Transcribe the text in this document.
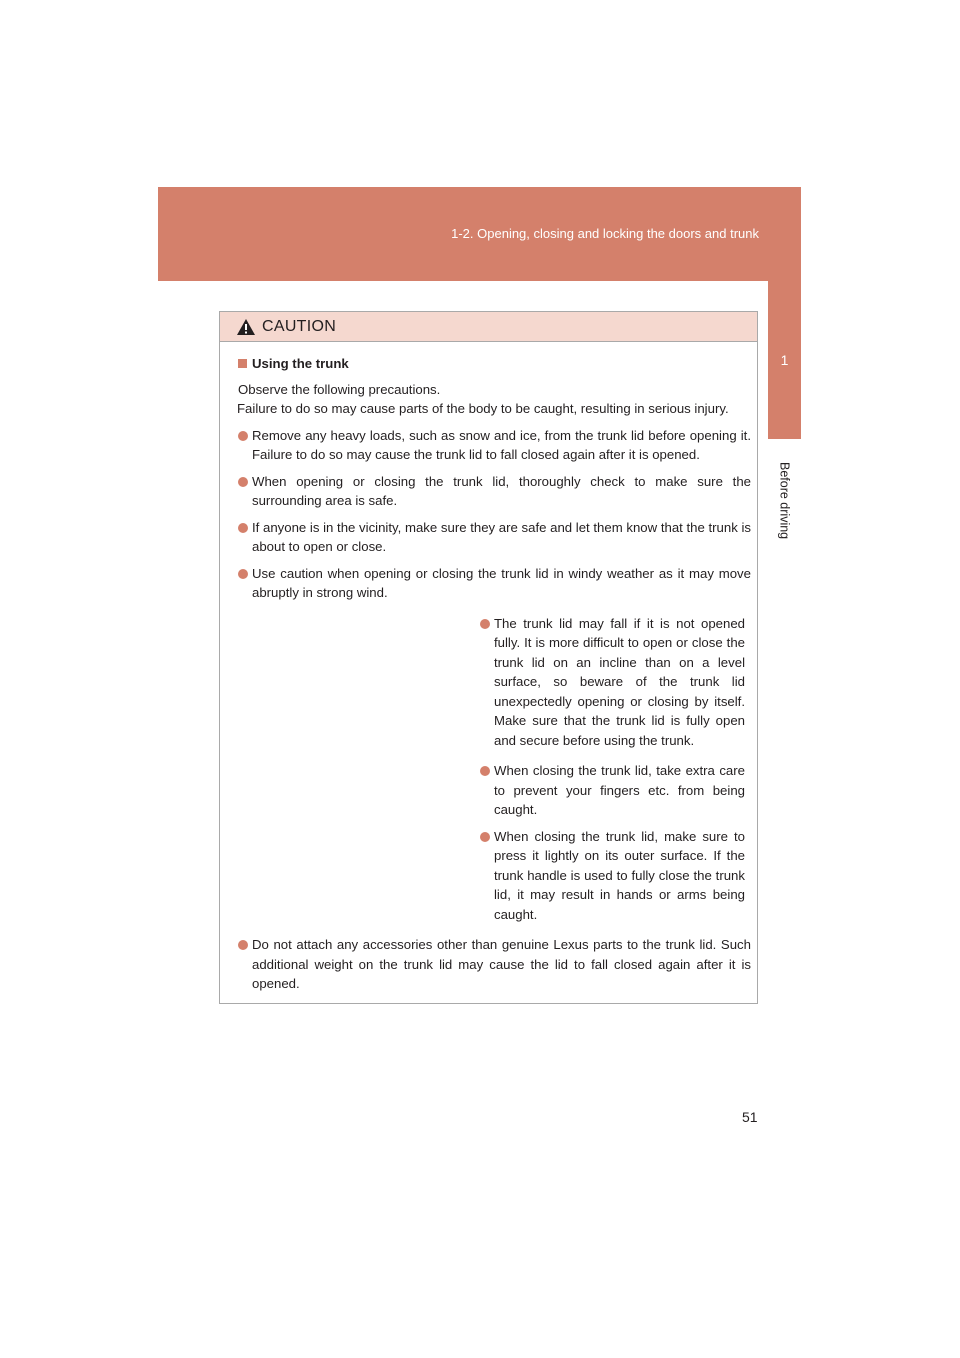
1-2. Opening, closing and locking the doors and trunk
1
Before driving
CAUTION
Using the trunk
Observe the following precautions.
Failure to do so may cause parts of the body to be caught, resulting in serious injury.
Remove any heavy loads, such as snow and ice, from the trunk lid before opening it. Failure to do so may cause the trunk lid to fall closed again after it is opened.
When opening or closing the trunk lid, thoroughly check to make sure the surrounding area is safe.
If anyone is in the vicinity, make sure they are safe and let them know that the trunk is about to open or close.
Use caution when opening or closing the trunk lid in windy weather as it may move abruptly in strong wind.
The trunk lid may fall if it is not opened fully. It is more difficult to open or close the trunk lid on an incline than on a level surface, so beware of the trunk lid unexpectedly opening or closing by itself. Make sure that the trunk lid is fully open and secure before using the trunk.
When closing the trunk lid, take extra care to prevent your fingers etc. from being caught.
When closing the trunk lid, make sure to press it lightly on its outer surface. If the trunk handle is used to fully close the trunk lid, it may result in hands or arms being caught.
Do not attach any accessories other than genuine Lexus parts to the trunk lid. Such additional weight on the trunk lid may cause the lid to fall closed again after it is opened.
51
